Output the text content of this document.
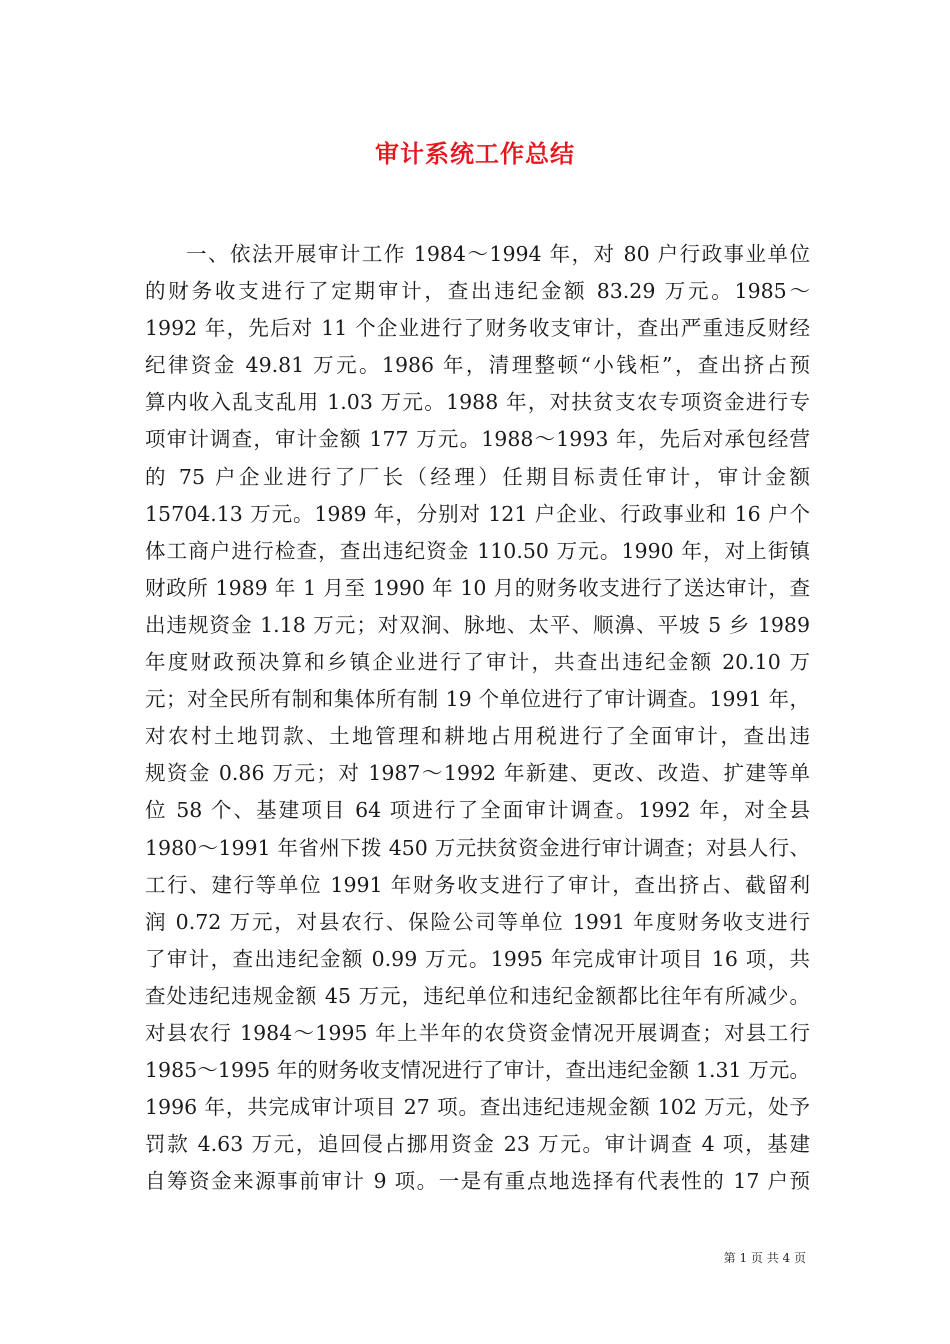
审计系统工作总结
一、依法开展审计工作 1984～1994 年，对 80 户行政事业单位
的财务收支进行了定期审计，查出违纪金额 83.29 万元。1985～
1992 年，先后对 11 个企业进行了财务收支审计，查出严重违反财经
纪律资金 49.81 万元。1986 年，清理整顿“小钱柜”，查出挤占预
算内收入乱支乱用 1.03 万元。1988 年，对扶贫支农专项资金进行专
项审计调查，审计金额 177 万元。1988～1993 年，先后对承包经营
的 75 户企业进行了厂长（经理）任期目标责任审计，审计金额
15704.13 万元。1989 年，分别对 121 户企业、行政事业和 16 户个
体工商户进行检查，查出违纪资金 110.50 万元。1990 年，对上街镇
财政所 1989 年 1 月至 1990 年 10 月的财务收支进行了送达审计，查
出违规资金 1.18 万元；对双涧、脉地、太平、顺濞、平坡 5 乡 1989
年度财政预决算和乡镇企业进行了审计，共查出违纪金额 20.10 万
元；对全民所有制和集体所有制 19 个单位进行了审计调查。1991 年，
对农村土地罚款、土地管理和耕地占用税进行了全面审计，查出违
规资金 0.86 万元；对 1987～1992 年新建、更改、改造、扩建等单
位 58 个、基建项目 64 项进行了全面审计调查。1992 年，对全县
1980～1991 年省州下拨 450 万元扶贫资金进行审计调查；对县人行、
工行、建行等单位 1991 年财务收支进行了审计，查出挤占、截留利
润 0.72 万元，对县农行、保险公司等单位 1991 年度财务收支进行
了审计，查出违纪金额 0.99 万元。1995 年完成审计项目 16 项，共
查处违纪违规金额 45 万元，违纪单位和违纪金额都比往年有所减少。
对县农行 1984～1995 年上半年的农贷资金情况开展调查；对县工行
1985～1995 年的财务收支情况进行了审计，查出违纪金额 1.31 万元。
1996 年，共完成审计项目 27 项。查出违纪违规金额 102 万元，处予
罚款 4.63 万元，追回侵占挪用资金 23 万元。审计调查 4 项，基建
自筹资金来源事前审计 9 项。一是有重点地选择有代表性的 17 户预
第 1 页 共 4 页
